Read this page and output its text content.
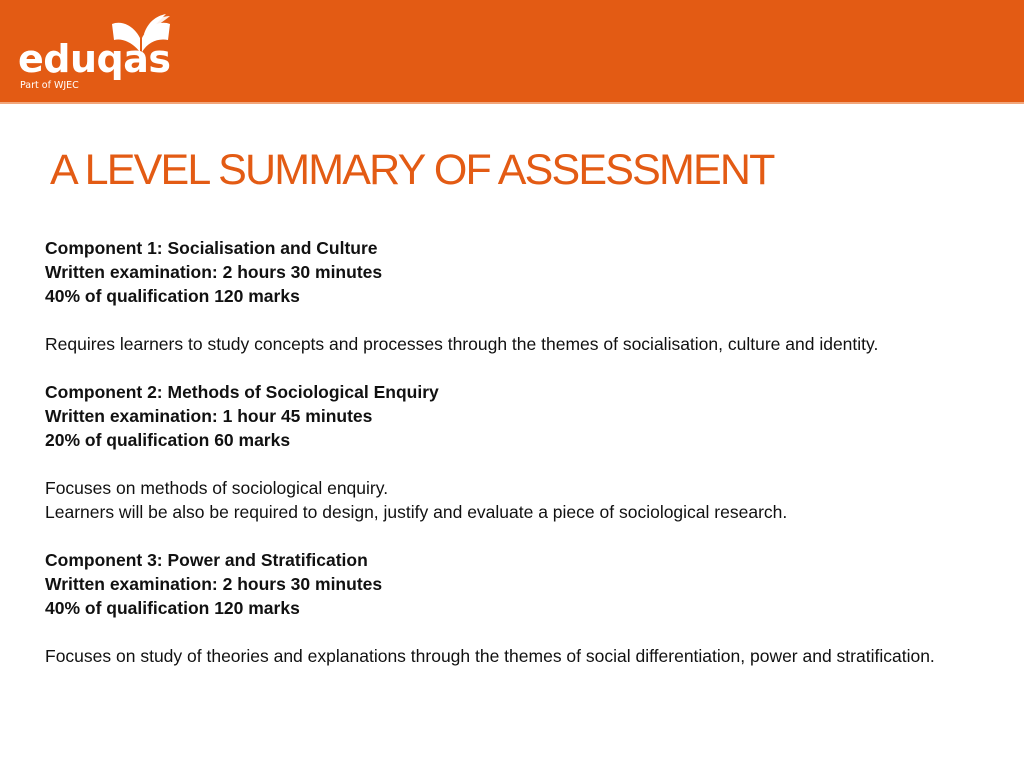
eduqas
Part of WJEC
A LEVEL SUMMARY OF ASSESSMENT

Component 1: Socialisation and Culture

Written examination: 2 hours 30 minutes

40% of qualification 120 marks

Requires learners to study concepts and processes through the themes of socialisation, culture and identity.

Component 2: Methods of Sociological Enquiry

Written examination: 1 hour 45 minutes

20% of qualification 60 marks

Focuses on methods of sociological enquiry.

Learners will be also be required to design, justify and evaluate a piece of sociological research.

Component 3: Power and Stratification

Written examination: 2 hours 30 minutes

40% of qualification 120 marks

Focuses on study of theories and explanations through the themes of social differentiation, power and stratification.
